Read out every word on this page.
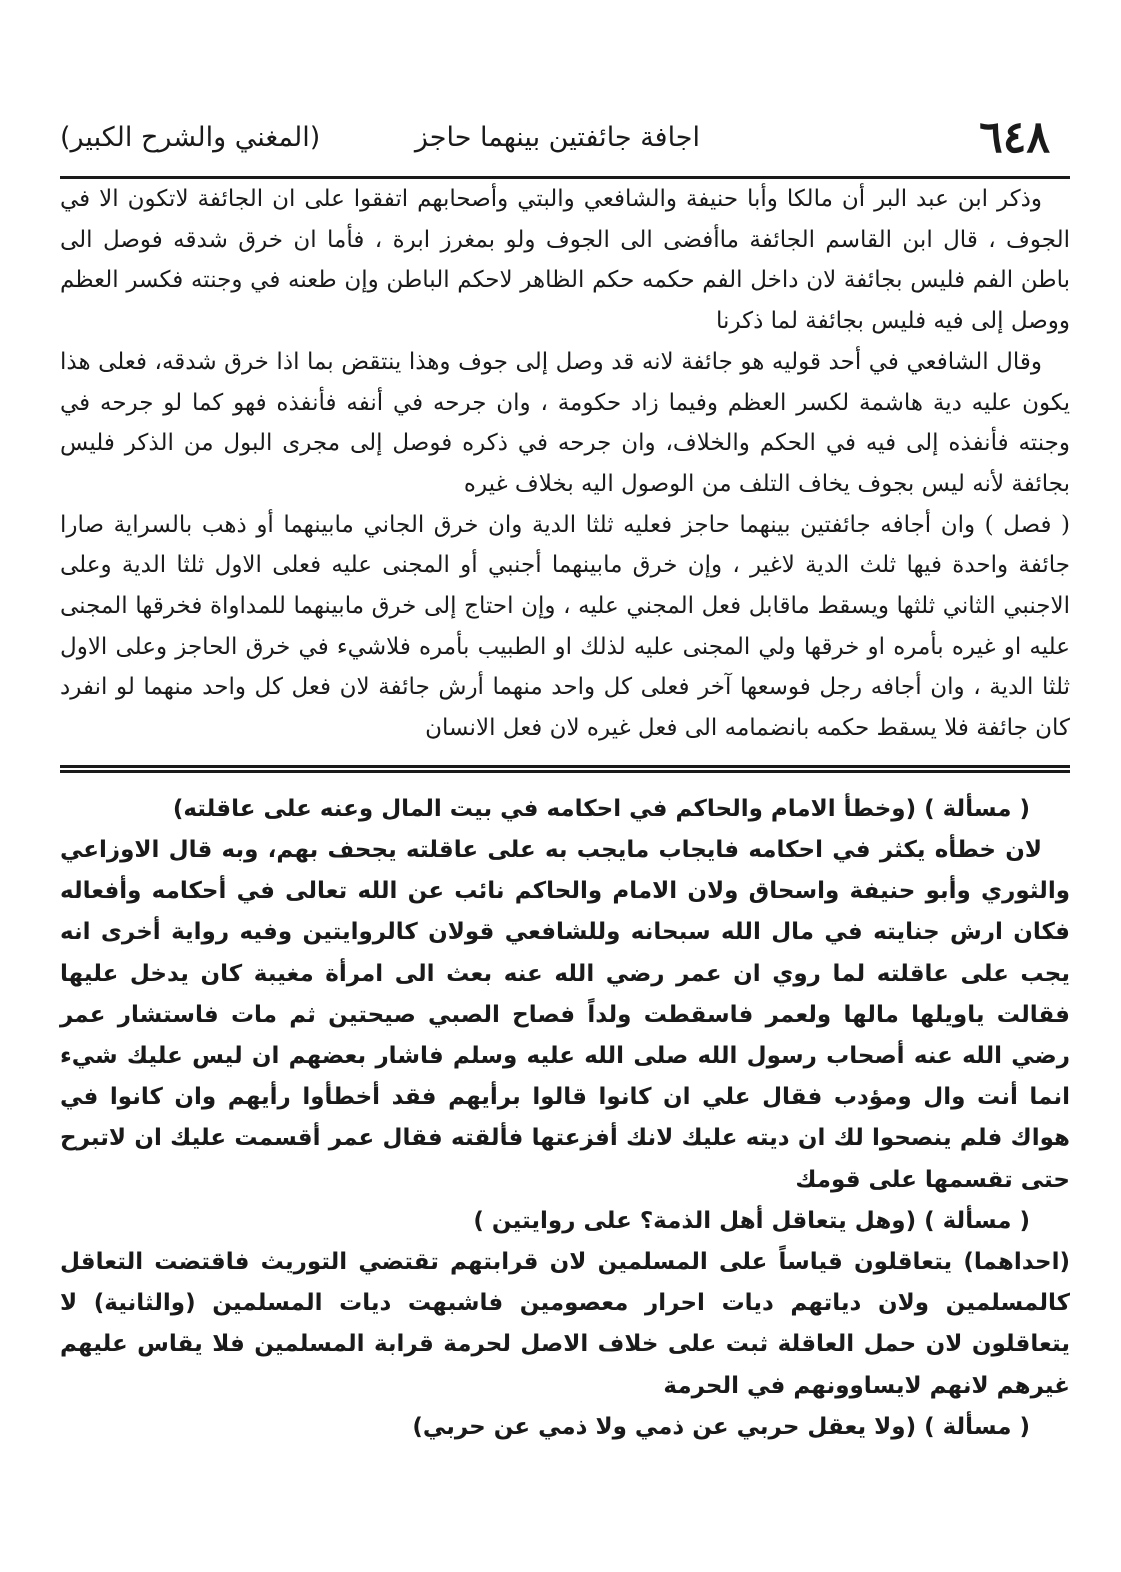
٦٤٨
اجافة جائفتين بينهما حاجز
(المغني والشرح الكبير)

وذكر ابن عبد البر أن مالكا وأبا حنيفة والشافعي والبتي وأصحابهم اتفقوا على ان الجائفة لاتكون الا في الجوف ، قال ابن القاسم الجائفة ماأفضى الى الجوف ولو بمغرز ابرة ، فأما ان خرق شدقه فوصل الى باطن الفم فليس بجائفة لان داخل الفم حكمه حكم الظاهر لاحكم الباطن وإن طعنه في وجنته فكسر العظم ووصل إلى فيه فليس بجائفة لما ذكرنا

وقال الشافعي في أحد قوليه هو جائفة لانه قد وصل إلى جوف وهذا ينتقض بما اذا خرق شدقه، فعلى هذا يكون عليه دية هاشمة لكسر العظم وفيما زاد حكومة ، وان جرحه في أنفه فأنفذه فهو كما لو جرحه في وجنته فأنفذه إلى فيه في الحكم والخلاف، وان جرحه في ذكره فوصل إلى مجرى البول من الذكر فليس بجائفة لأنه ليس بجوف يخاف التلف من الوصول اليه بخلاف غيره

( فصل ) وان أجافه جائفتين بينهما حاجز فعليه ثلثا الدية وان خرق الجاني مابينهما أو ذهب بالسراية صارا جائفة واحدة فيها ثلث الدية لاغير ، وإن خرق مابينهما أجنبي أو المجنى عليه فعلى الاول ثلثا الدية وعلى الاجنبي الثاني ثلثها ويسقط ماقابل فعل المجني عليه ، وإن احتاج إلى خرق مابينهما للمداواة فخرقها المجنى عليه او غيره بأمره او خرقها ولي المجنى عليه لذلك او الطبيب بأمره فلاشيء في خرق الحاجز وعلى الاول ثلثا الدية ، وان أجافه رجل فوسعها آخر فعلى كل واحد منهما أرش جائفة لان فعل كل واحد منهما لو انفرد كان جائفة فلا يسقط حكمه بانضمامه الى فعل غيره لان فعل الانسان

( مسألة ) (وخطأ الامام والحاكم في احكامه في بيت المال وعنه على عاقلته)

لان خطأه يكثر في احكامه فايجاب مايجب به على عاقلته يجحف بهم، وبه قال الاوزاعي والثوري وأبو حنيفة واسحاق ولان الامام والحاكم نائب عن الله تعالى في أحكامه وأفعاله فكان ارش جنايته في مال الله سبحانه وللشافعي قولان كالروايتين وفيه رواية أخرى انه يجب على عاقلته لما روي ان عمر رضي الله عنه بعث الى امرأة مغيبة كان يدخل عليها فقالت ياويلها مالها ولعمر فاسقطت ولداً فصاح الصبي صيحتين ثم مات فاستشار عمر رضي الله عنه أصحاب رسول الله صلى الله عليه وسلم فاشار بعضهم ان ليس عليك شيء انما أنت وال ومؤدب فقال علي ان كانوا قالوا برأيهم فقد أخطأوا رأيهم وان كانوا في هواك فلم ينصحوا لك ان ديته عليك لانك أفزعتها فألقته فقال عمر أقسمت عليك ان لاتبرح حتى تقسمها على قومك

( مسألة ) (وهل يتعاقل أهل الذمة؟ على روايتين )

(احداهما) يتعاقلون قياساً على المسلمين لان قرابتهم تقتضي التوريث فاقتضت التعاقل كالمسلمين ولان دياتهم ديات احرار معصومين فاشبهت ديات المسلمين (والثانية) لا يتعاقلون لان حمل العاقلة ثبت على خلاف الاصل لحرمة قرابة المسلمين فلا يقاس عليهم غيرهم لانهم لايساوونهم في الحرمة

( مسألة ) (ولا يعقل حربي عن ذمي ولا ذمي عن حربي)
